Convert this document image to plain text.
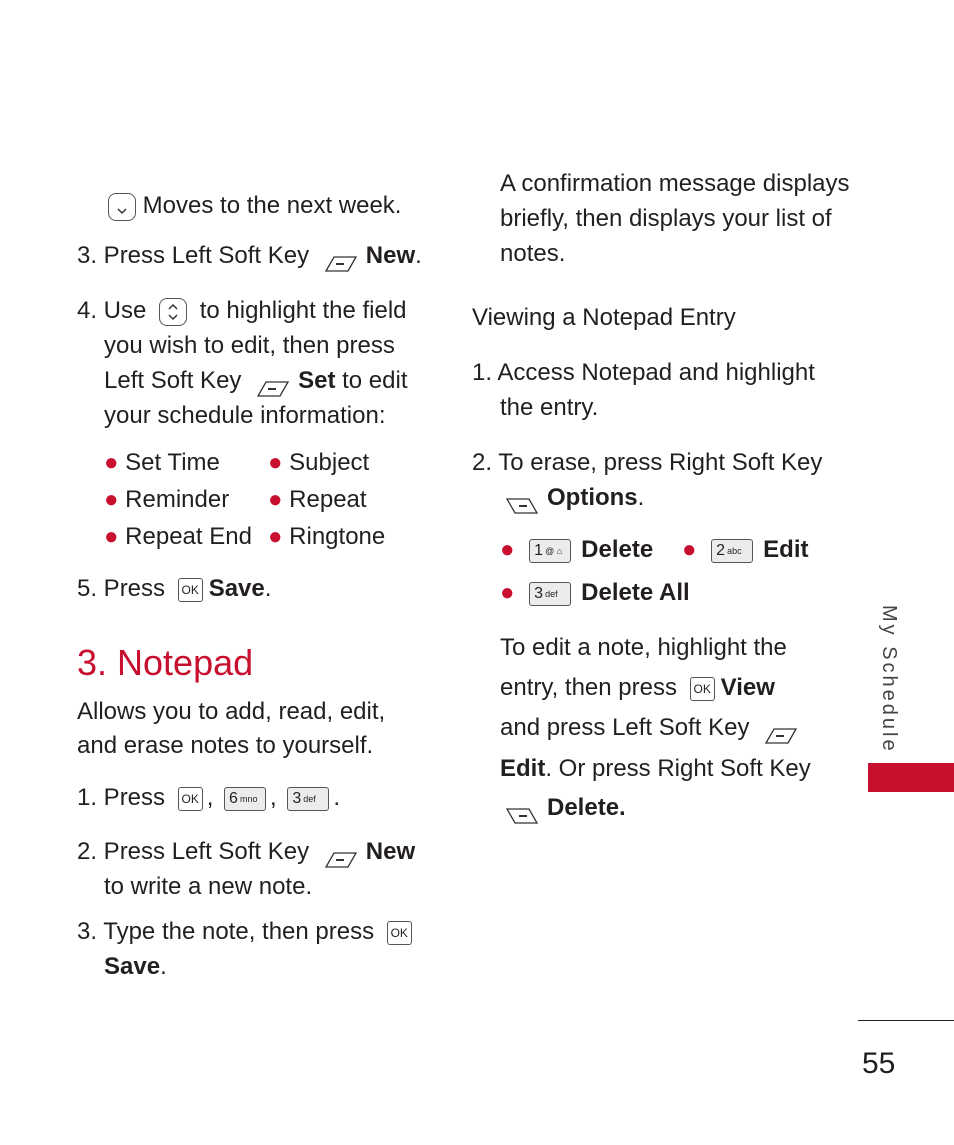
Moves to the next week.
3. Press Left Soft Key New.
4. Use to highlight the field
you wish to edit, then press
Left Soft Key Set to edit
your schedule information:
● Set Time ● Subject
● Reminder ● Repeat
● Repeat End ● Ringtone
5. Press OK Save.
3. Notepad
Allows you to add, read, edit,
and erase notes to yourself.
1. Press OK , 6 $^{mno}$ , 3 $^{def}$ .
2. Press Left Soft Key New
to write a new note.
3. Type the note, then press OK
Save.
A confirmation message displays
briefly, then displays your list of
notes.
Viewing a Notepad Entry
1. Access Notepad and highlight
the entry.
2. To erase, press Right Soft Key
Options.
● 1 @ ⌂ Delete ● 2 $^{abc}$ Edit
● 3 $^{def}$ Delete All
To edit a note, highlight the
entry, then press OK View
and press Left Soft Key
Edit. Or press Right Soft Key
Delete.
My Schedule
55
